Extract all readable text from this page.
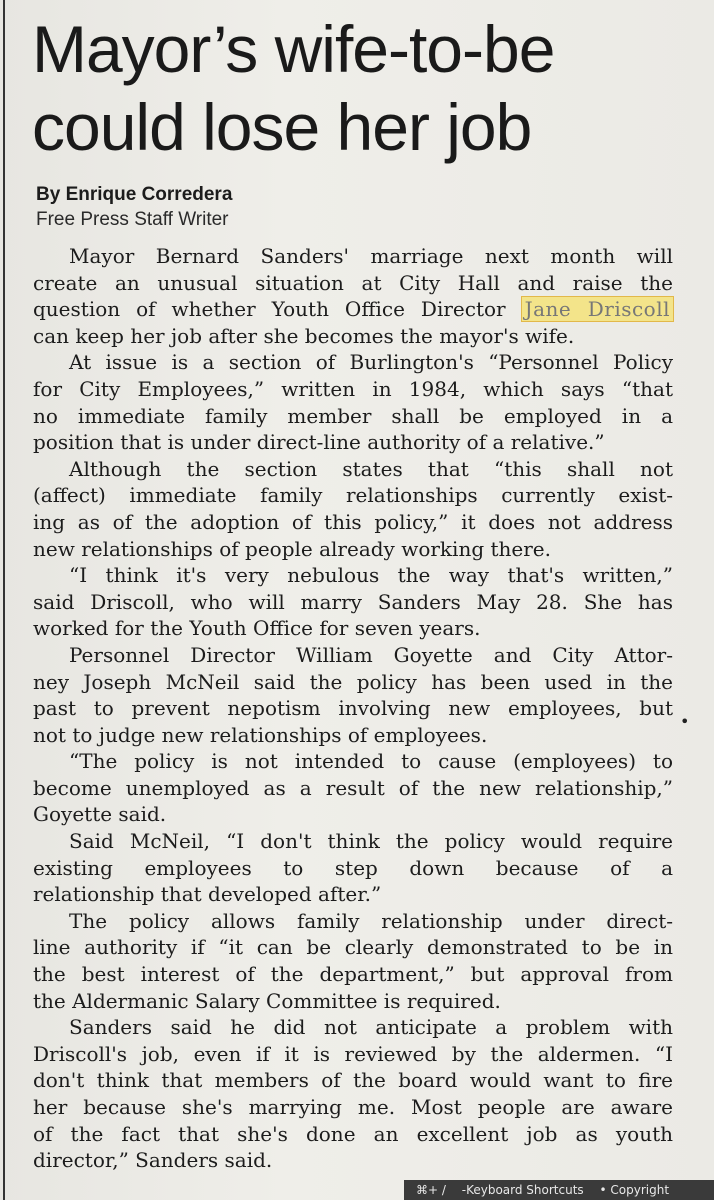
Mayor’s wife-to-be
could lose her job
By Enrique Corredera
Free Press Staff Writer
Mayor Bernard Sanders' marriage next month will
create an unusual situation at City Hall and raise the
question of whether Youth Office Director Jane Driscoll
can keep her job after she becomes the mayor's wife.
At issue is a section of Burlington's “Personnel Policy
for City Employees,” written in 1984, which says “that
no immediate family member shall be employed in a
position that is under direct-line authority of a relative.”
Although the section states that “this shall not
(affect) immediate family relationships currently exist-
ing as of the adoption of this policy,” it does not address
new relationships of people already working there.
“I think it's very nebulous the way that's written,”
said Driscoll, who will marry Sanders May 28. She has
worked for the Youth Office for seven years.
Personnel Director William Goyette and City Attor-
ney Joseph McNeil said the policy has been used in the
past to prevent nepotism involving new employees, but
not to judge new relationships of employees.
“The policy is not intended to cause (employees) to
become unemployed as a result of the new relationship,”
Goyette said.
Said McNeil, “I don't think the policy would require
existing employees to step down because of a
relationship that developed after.”
The policy allows family relationship under direct-
line authority if “it can be clearly demonstrated to be in
the best interest of the department,” but approval from
the Aldermanic Salary Committee is required.
Sanders said he did not anticipate a problem with
Driscoll's job, even if it is reviewed by the aldermen. “I
don't think that members of the board would want to fire
her because she's marrying me. Most people are aware
of the fact that she's done an excellent job as youth
director,” Sanders said.
•
⌘+ / -Keyboard Shortcuts • Copyright
